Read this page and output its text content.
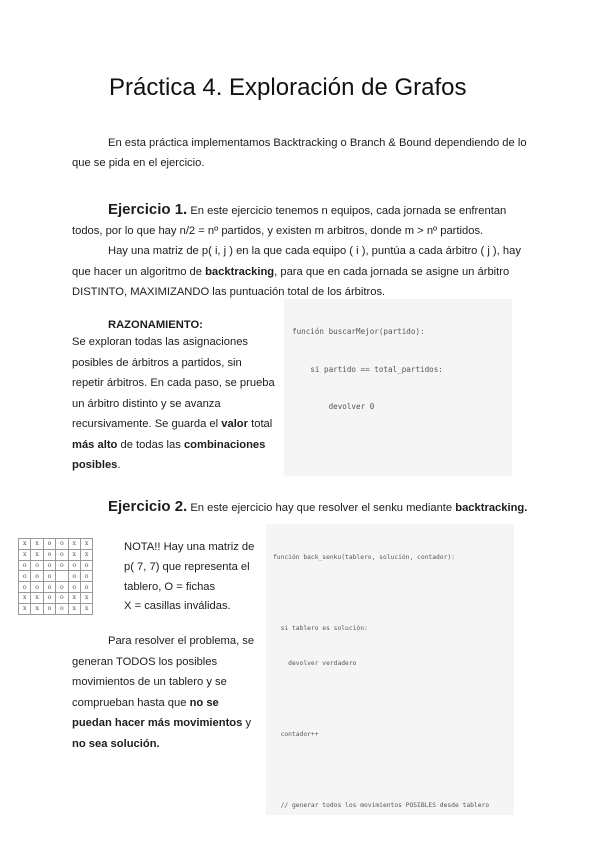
Práctica 4. Exploración de Grafos
En esta práctica implementamos Backtracking o Branch & Bound dependiendo de lo
que se pida en el ejercicio.
Ejercicio 1. En este ejercicio tenemos n equipos, cada jornada se enfrentan
todos, por lo que hay n/2 = nº partidos, y existen m arbitros, donde m > nº partidos.
Hay una matriz de p( i, j ) en la que cada equipo ( i ), puntúa a cada árbitro ( j ), hay
que hacer un algoritmo de backtracking, para que en cada jornada se asigne un árbitro
DISTINTO, MAXIMIZANDO las puntuación total de los árbitros.
RAZONAMIENTO:
Se exploran todas las asignaciones
posibles de árbitros a partidos, sin
repetir árbitros. En cada paso, se prueba
un árbitro distinto y se avanza
recursivamente. Se guarda el valor total
más alto de todas las combinaciones
posibles.

función buscarMejor(partido):

si partido == total_partidos:

devolver 0

Ejercicio 2. En este ejercicio hay que resolver el senku mediante backtracking.
x	x	o	o	x	x
x	x	o	o	x	x
o	o	o	o	o	o
o	o	o		o	o
o	o	o	o	o	o
x	x	o	o	x	x
x	x	o	o	x	x
NOTA!! Hay una matriz de
p( 7, 7) que representa el
tablero, O = fichas
X = casillas inválidas.
Para resolver el problema, se
generan TODOS los posibles
movimientos de un tablero y se
comprueban hasta que no se
puedan hacer más movimientos y
no sea solución.

función back_senku(tablero, solución, contador):

si tablero es solución:

devolver verdadero

contador++

// generar todos los movimientos POSIBLES desde tablero
